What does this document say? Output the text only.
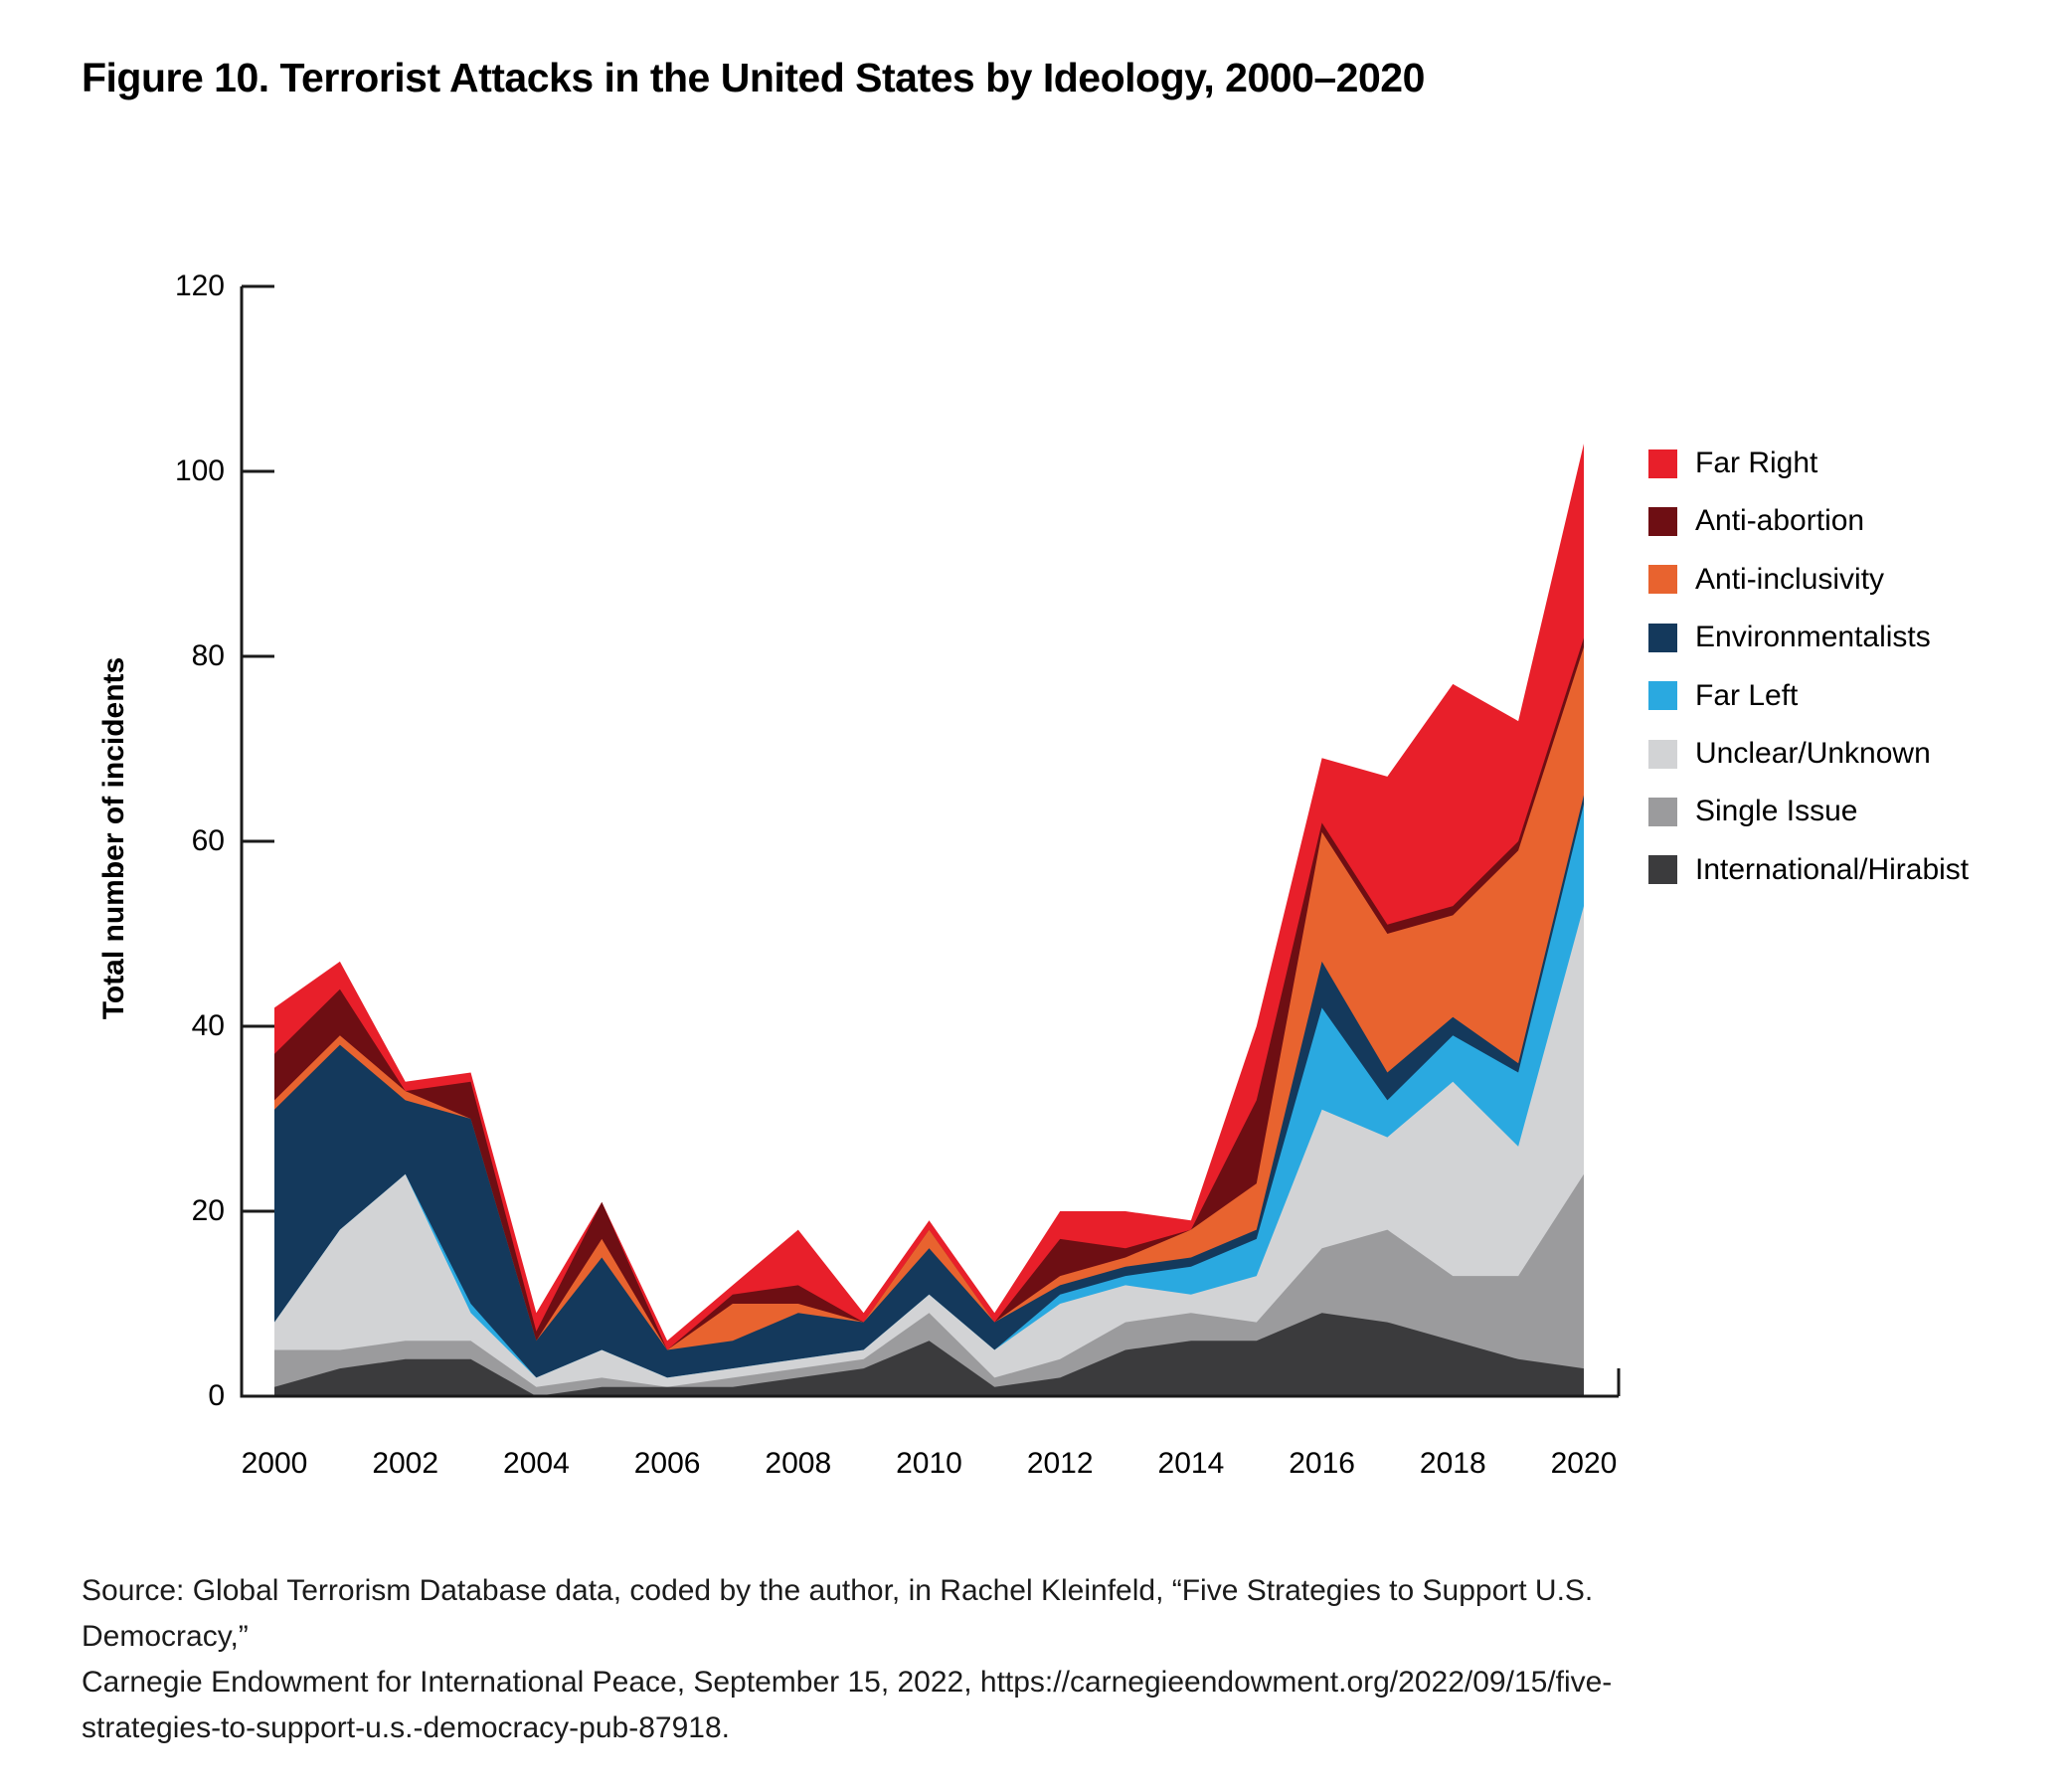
Figure 10. Terrorist Attacks in the United States by Ideology, 2000–2020
Total number of incidents
0
20
40
60
80
100
120
2000	2002	2004	2006	2008	2010	2012	2014	2016	2018	2020
Far Right
Anti-abortion
Anti-inclusivity
Environmentalists
Far Left
Unclear/Unknown
Single Issue
International/Hirabist
Source: Global Terrorism Database data, coded by the author, in Rachel Kleinfeld, “Five Strategies to Support U.S. Democracy,”
Carnegie Endowment for International Peace, September 15, 2022, https://carnegieendowment.org/2022/09/15/five-
strategies-to-support-u.s.-democracy-pub-87918.
